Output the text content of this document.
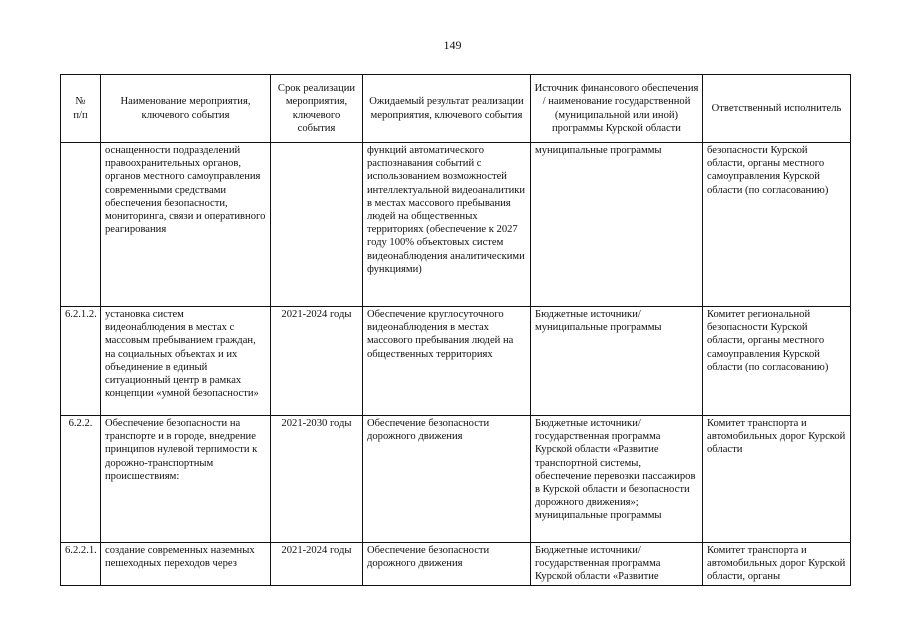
149
№
п/п	Наименование мероприятия, ключевого события	Срок реализации мероприятия, ключевого события	Ожидаемый результат реализации мероприятия, ключевого события	Источник финансового обеспечения / наименование государственной (муниципальной или иной) программы Курской области	Ответственный исполнитель
	оснащенности подразделений правоохранительных органов, органов местного самоуправления современными средствами обеспечения безопасности, мониторинга, связи и оперативного реагирования		функций автоматического распознавания событий с использованием возможностей интеллектуальной видеоаналитики в местах массового пребывания людей на общественных территориях (обеспечение к 2027 году 100% объектовых систем видеонаблюдения аналитическими функциями)	муниципальные программы	безопасности Курской области, органы местного самоуправления Курской области (по согласованию)
6.2.1.2.	установка систем видеонаблюдения в местах с массовым пребыванием граждан, на социальных объектах и их объединение в единый ситуационный центр в рамках концепции «умной безопасности»	2021-2024 годы	Обеспечение круглосуточного видеонаблюдения в местах массового пребывания людей на общественных территориях	Бюджетные источники/ муниципальные программы	Комитет региональной безопасности Курской области, органы местного самоуправления Курской области (по согласованию)
6.2.2.	Обеспечение безопасности на транспорте и в городе, внедрение принципов нулевой терпимости к дорожно-транспортным происшествиям:	2021-2030 годы	Обеспечение безопасности дорожного движения	Бюджетные источники/ государственная программа Курской области «Развитие транспортной системы, обеспечение перевозки пассажиров в Курской области и безопасности дорожного движения»; муниципальные программы	Комитет транспорта и автомобильных дорог Курской области
6.2.2.1.	создание современных наземных пешеходных переходов через	2021-2024 годы	Обеспечение безопасности дорожного движения	Бюджетные источники/ государственная программа Курской области «Развитие	Комитет транспорта и автомобильных дорог Курской области, органы
